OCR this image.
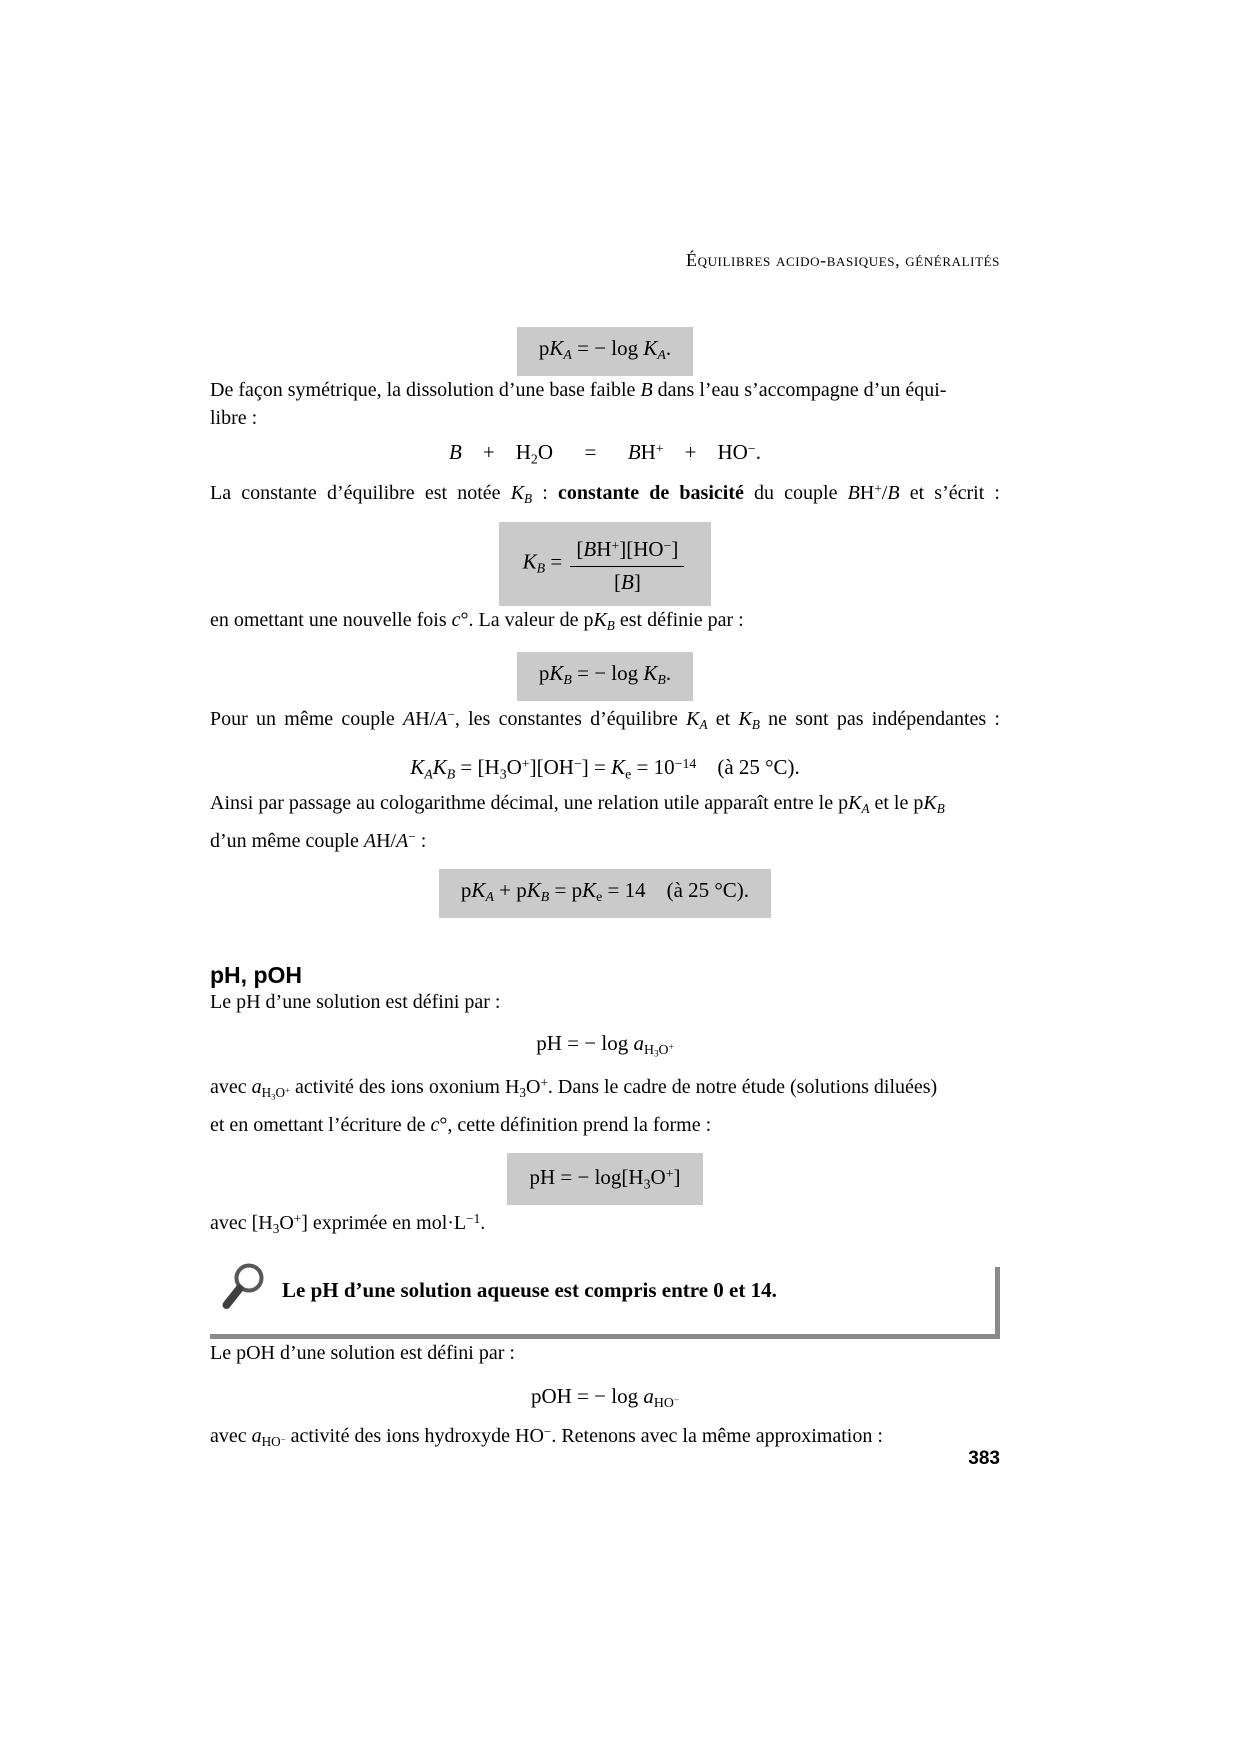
Équilibres acido-basiques, généralités

pKA = − log KA.

De façon symétrique, la dissolution d’une base faible B dans l’eau s’accompagne d’un équi-
libre :

B + H2O  =  BH+ + HO−.

La constante d’équilibre est notée KB : constante de basicité du couple BH+/B et s’écrit :

KB = $\frac{[BH^+][HO^-]}{[B]}$

en omettant une nouvelle fois c°. La valeur de pKB est définie par :

pKB = − log KB.

Pour un même couple AH/A−, les constantes d’équilibre KA et KB ne sont pas indépendantes :

KAKB = $[H3O^+][OH^-] = Ke = 10^{-14}$ (à 25 °C).

Ainsi par passage au cologarithme décimal, une relation utile apparaît entre le pKA et le pKB
d’un même couple AH/A− :

pKA + pKB = pKe = 14 (à 25 °C).

pH, pOH

Le pH d’une solution est défini par :

pH = − log aH3O+

avec aH3O+ activité des ions oxonium H3O+. Dans le cadre de notre étude (solutions diluées)
et en omettant l’écriture de c°, cette définition prend la forme :

pH = − log[H3O+]

avec [H3O+] exprimée en $mol\cdot L^{-1}$.

Le pH d’une solution aqueuse est compris entre 0 et 14.

Le pOH d’une solution est défini par :

pOH = − log aHO−

avec aHO− activité des ions hydroxyde HO−. Retenons avec la même approximation :

383
